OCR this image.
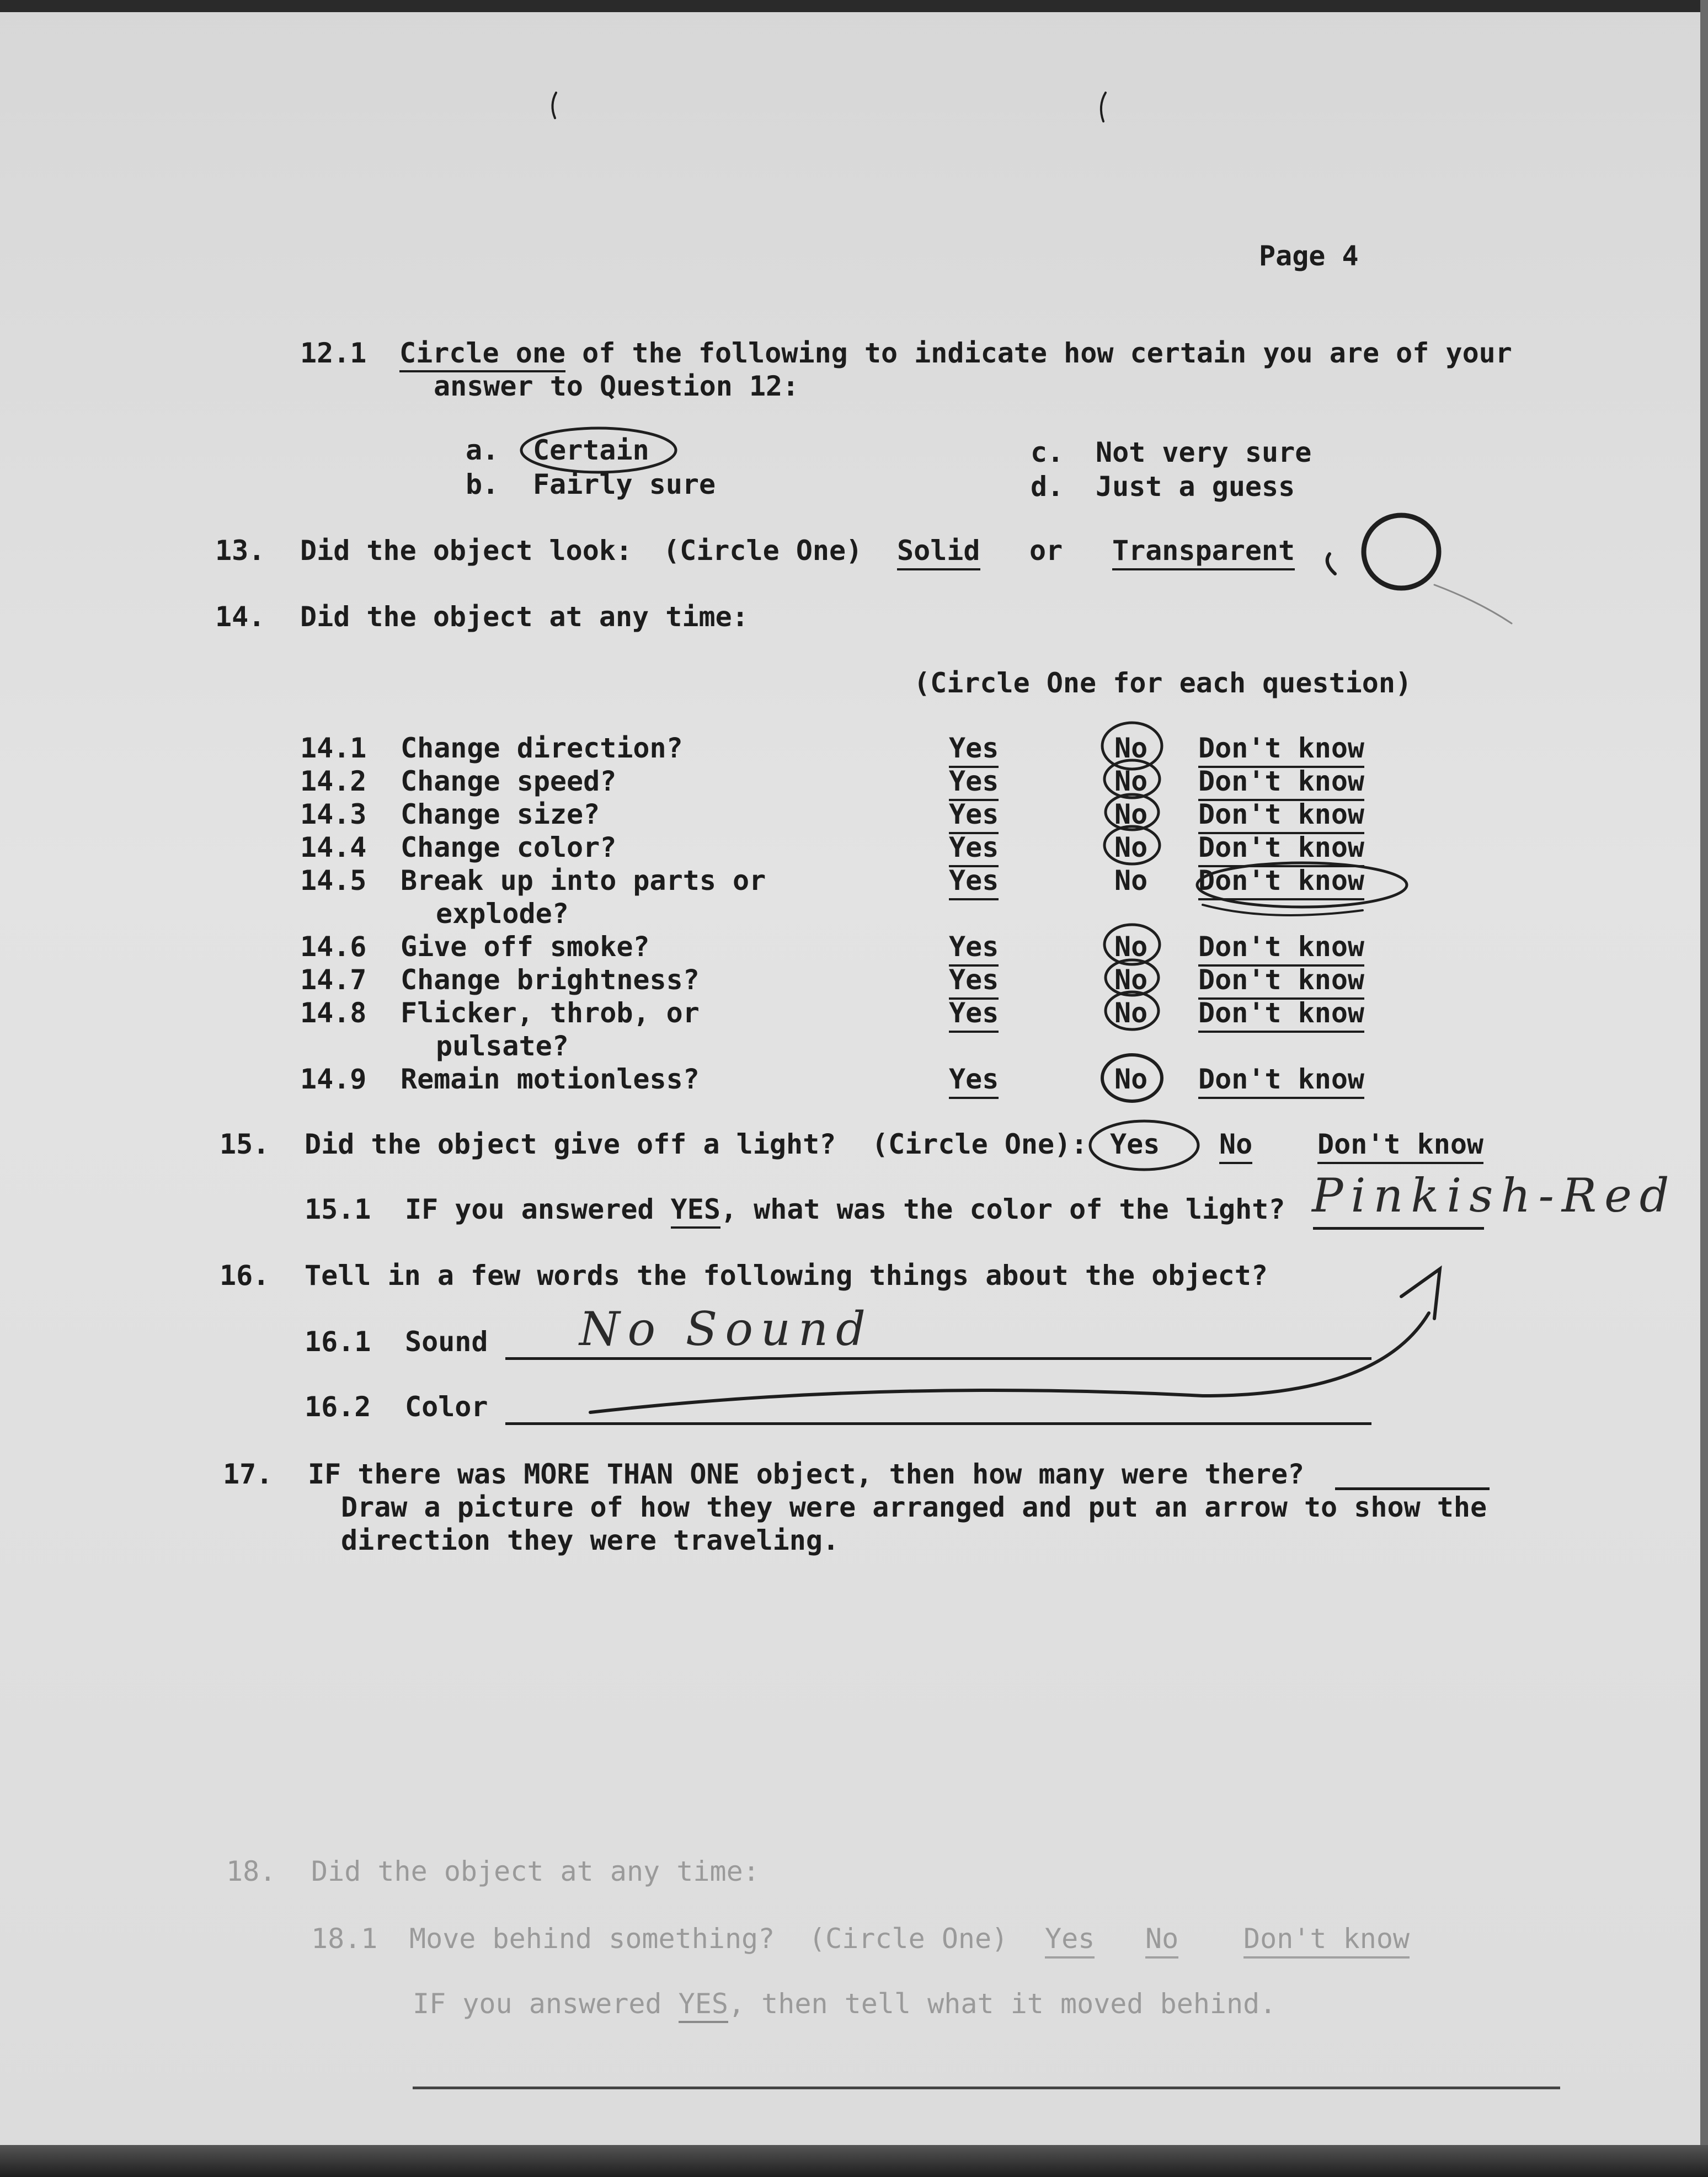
Page 4
12.1 Circle one of the following to indicate how certain you are of your
answer to Question 12:
a. Certain
b. Fairly sure
c. Not very sure
d. Just a guess
13. Did the object look: (Circle One) Solid or Transparent
14. Did the object at any time:
(Circle One for each question)
14.1 Change direction?	Yes	No Don't know
14.2 Change speed?	Yes	No Don't know
14.3 Change size?	Yes	No Don't know
14.4 Change color?	Yes	No Don't know
14.5 Break up into parts or
explode?
Yes	No Don't know
14.6 Give off smoke?	Yes	No Don't know
14.7 Change brightness?	Yes	No Don't know
14.8 Flicker, throb, or
pulsate?
Yes	No Don't know
14.9 Remain motionless?	Yes	No Don't know
15. Did the object give off a light? (Circle One): Yes No Don't know
15.1 IF you answered YES, what was the color of the light? Pinkish-Red
16. Tell in a few words the following things about the object?
16.1 Sound No Sound
16.2 Color
17. IF there was MORE THAN ONE object, then how many were there?
Draw a picture of how they were arranged and put an arrow to show the
direction they were traveling.
18. Did the object at any time:
18.1 Move behind something? (Circle One) Yes No Don't know
IF you answered YES, then tell what it moved behind.
